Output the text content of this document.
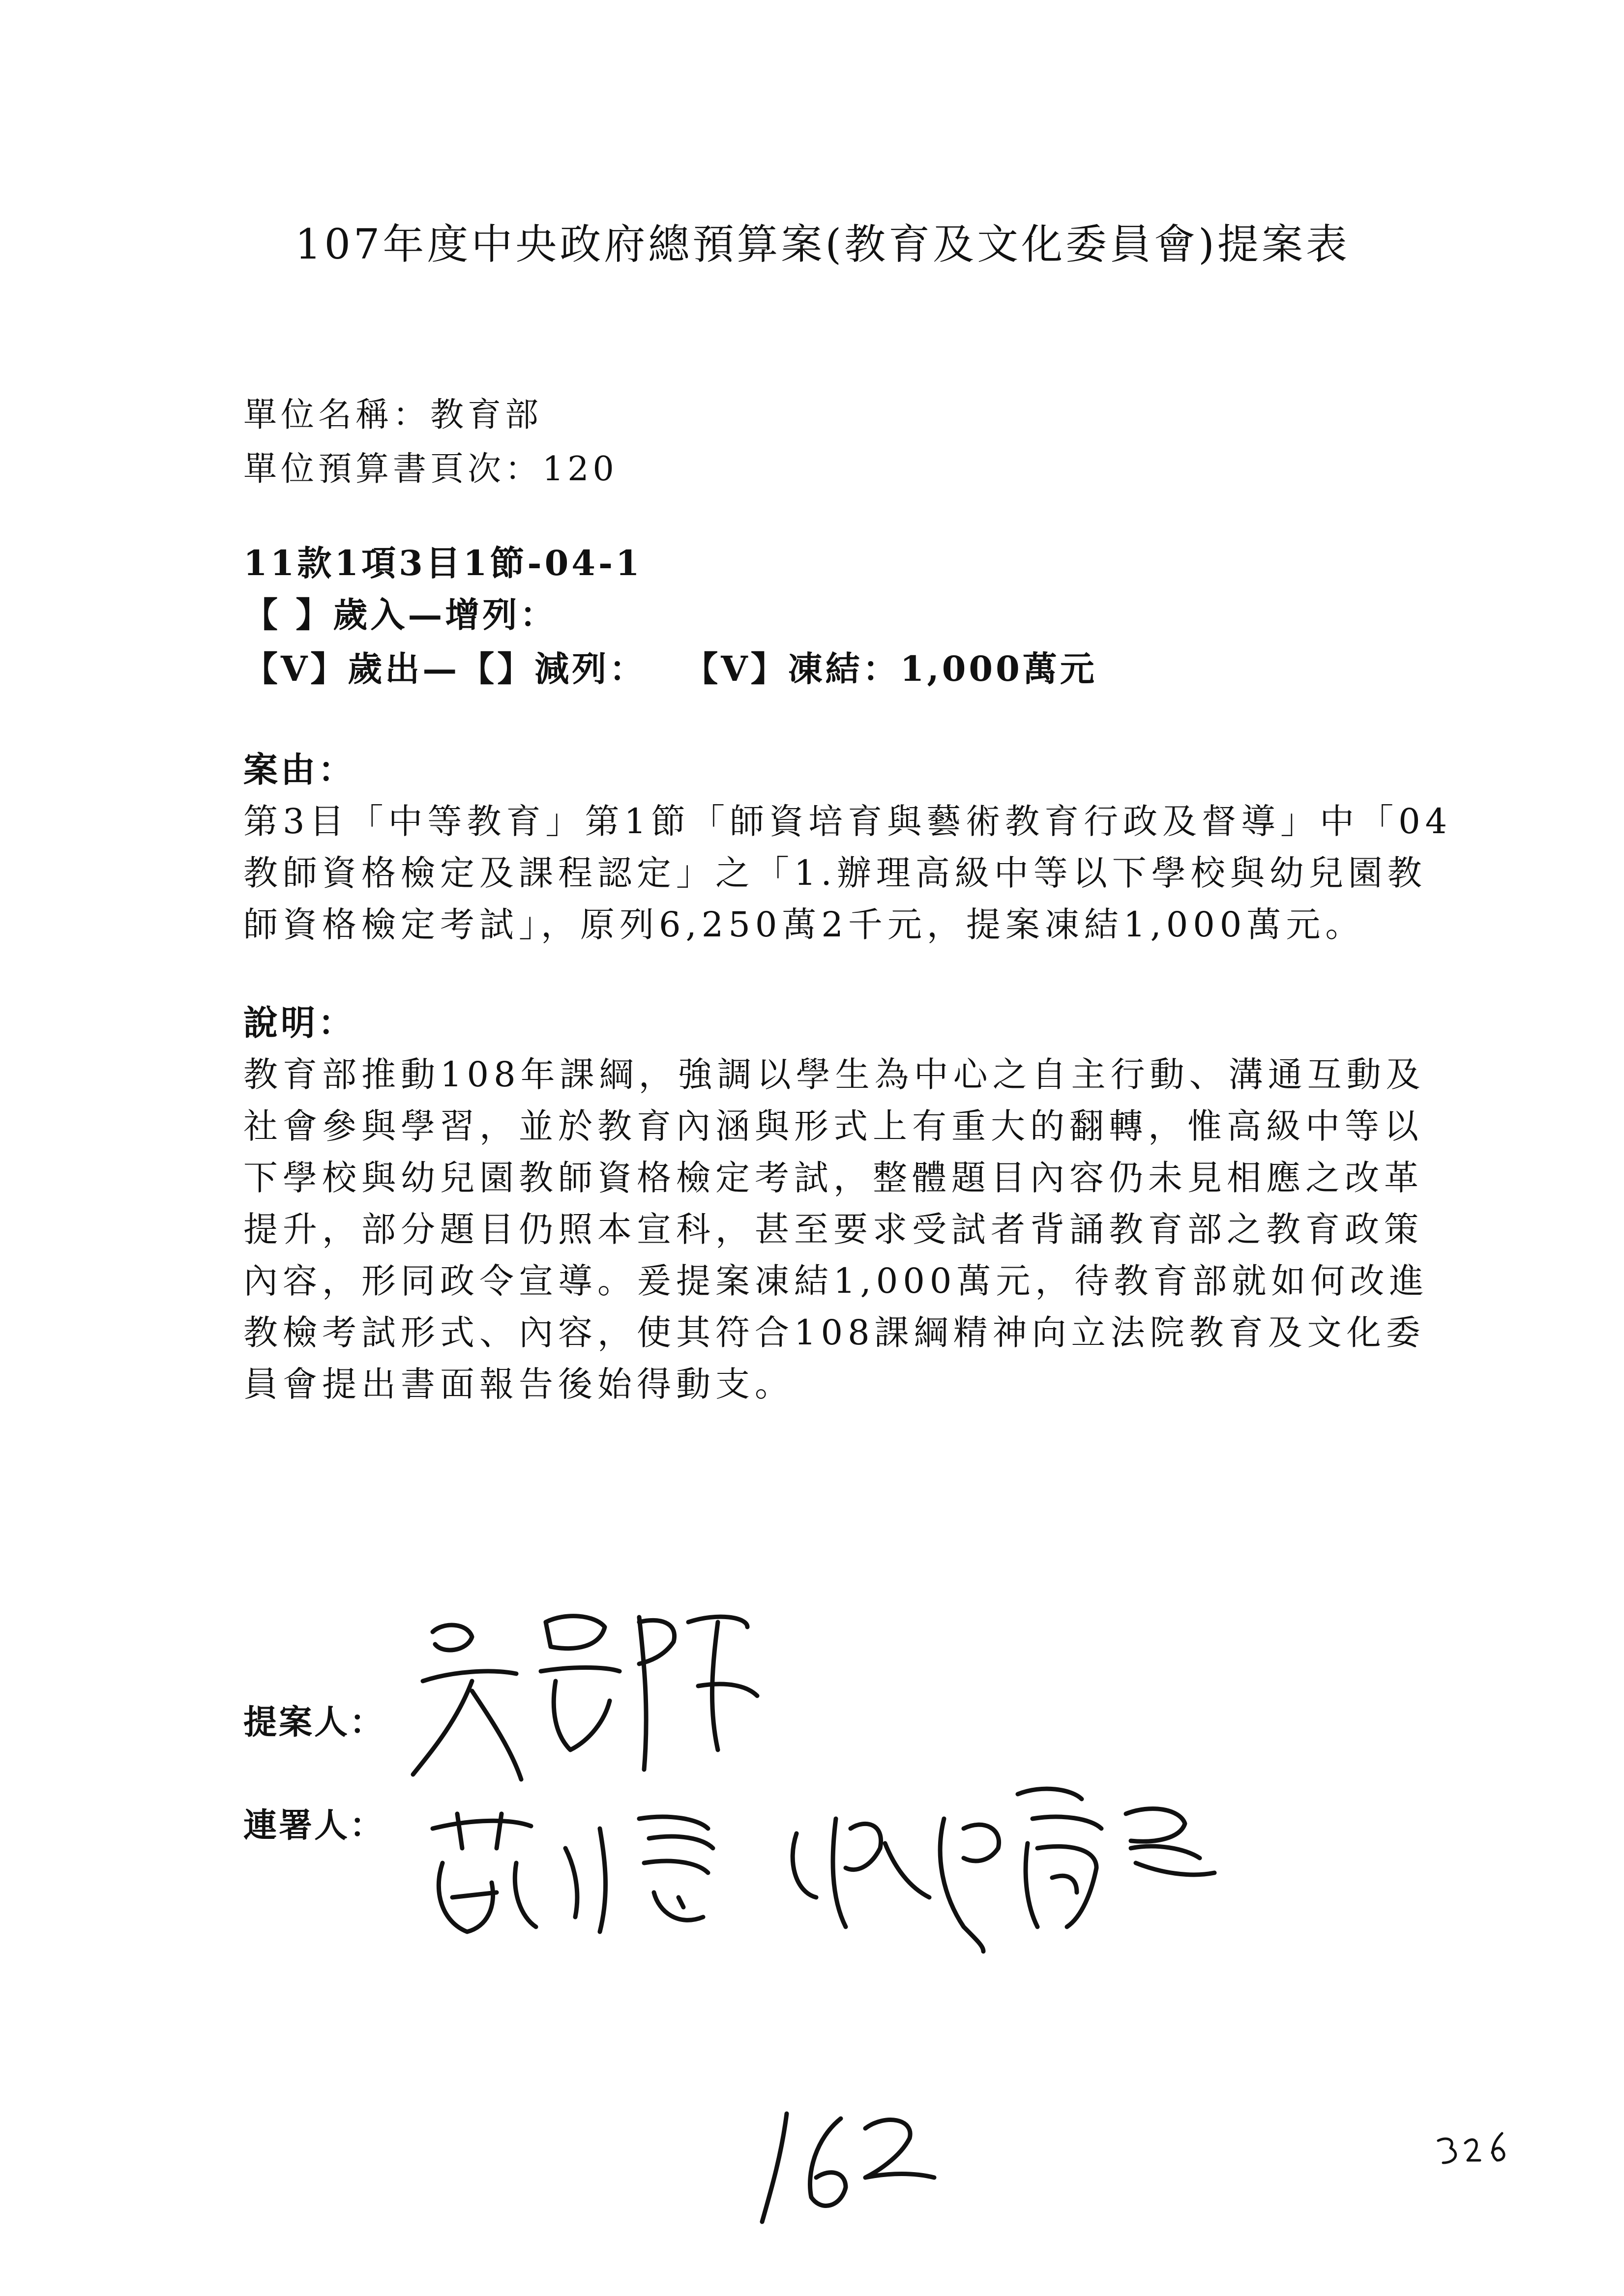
107年度中央政府總預算案(教育及文化委員會)提案表
單位名稱：教育部
單位預算書頁次：120
11款1項3目1節-04-1
【 】歲入—增列：
【V】歲出—【】減列： 【V】凍結：1,000萬元
案由：
第3目「中等教育」第1節「師資培育與藝術教育行政及督導」中「04
教師資格檢定及課程認定」之「1.辦理高級中等以下學校與幼兒園教
師資格檢定考試」，原列6,250萬2千元，提案凍結1,000萬元。
說明：
教育部推動108年課綱，強調以學生為中心之自主行動、溝通互動及
社會參與學習，並於教育內涵與形式上有重大的翻轉，惟高級中等以
下學校與幼兒園教師資格檢定考試，整體題目內容仍未見相應之改革
提升，部分題目仍照本宣科，甚至要求受試者背誦教育部之教育政策
內容，形同政令宣導。爰提案凍結1,000萬元，待教育部就如何改進
教檢考試形式、內容，使其符合108課綱精神向立法院教育及文化委
員會提出書面報告後始得動支。
提案人：
連署人：
